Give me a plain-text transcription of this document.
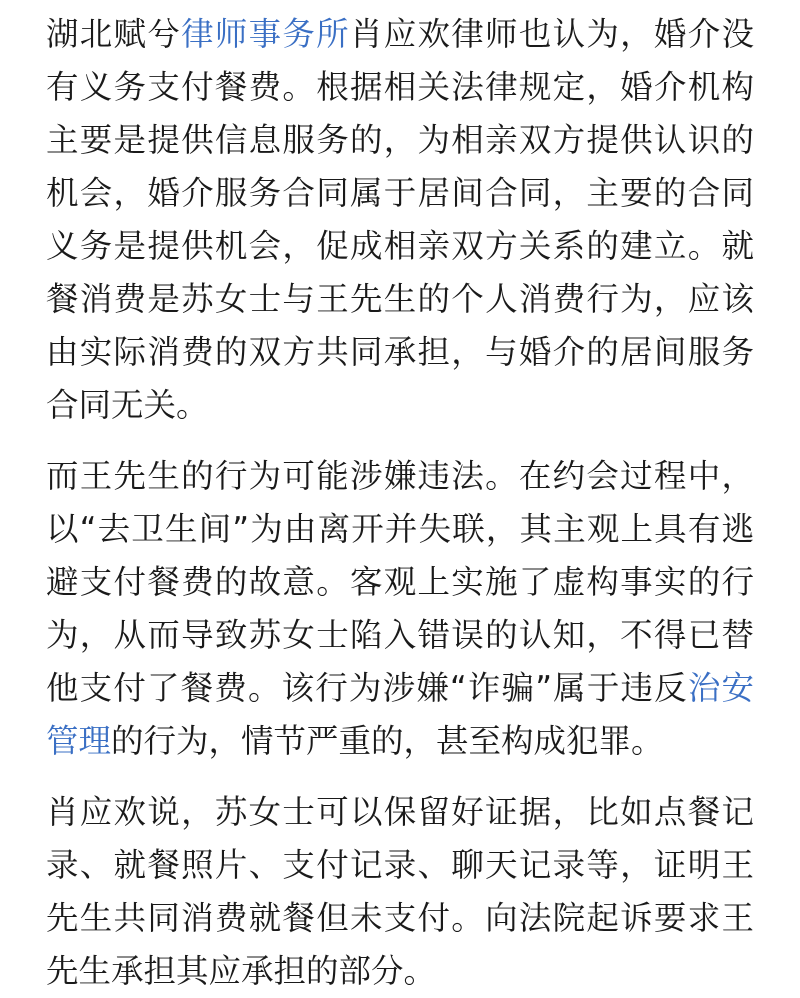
湖北赋兮律师事务所肖应欢律师也认为，婚介没有义务支付餐费。根据相关法律规定，婚介机构主要是提供信息服务的，为相亲双方提供认识的机会，婚介服务合同属于居间合同，主要的合同义务是提供机会，促成相亲双方关系的建立。就餐消费是苏女士与王先生的个人消费行为，应该由实际消费的双方共同承担，与婚介的居间服务合同无关。

而王先生的行为可能涉嫌违法。在约会过程中，以“去卫生间”为由离开并失联，其主观上具有逃避支付餐费的故意。客观上实施了虚构事实的行为，从而导致苏女士陷入错误的认知，不得已替他支付了餐费。该行为涉嫌“诈骗”属于违反治安管理的行为，情节严重的，甚至构成犯罪。

肖应欢说，苏女士可以保留好证据，比如点餐记录、就餐照片、支付记录、聊天记录等，证明王先生共同消费就餐但未支付。向法院起诉要求王先生承担其应承担的部分。
